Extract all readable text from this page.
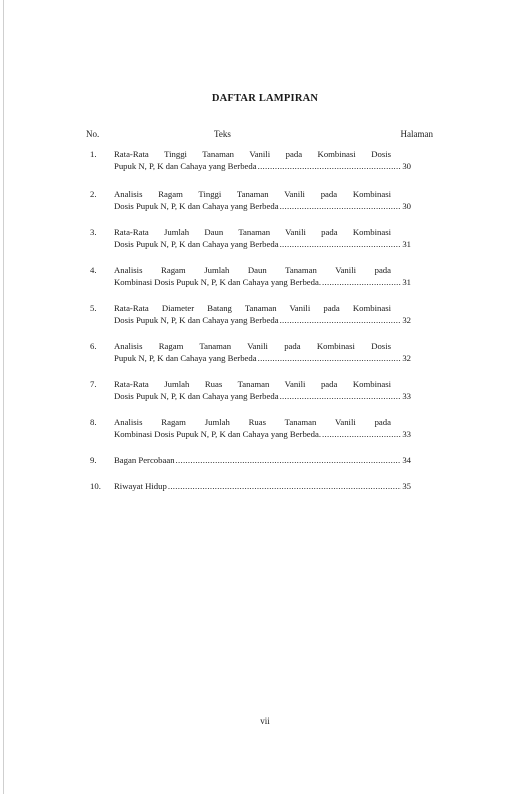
DAFTAR LAMPIRAN
No.	Teks	Halaman
1. Rata-Rata Tinggi Tanaman Vanili pada Kombinasi Dosis
Pupuk N, P, K dan Cahaya yang Berbeda .....	30
2. Analisis Ragam Tinggi Tanaman Vanili pada Kombinasi
Dosis Pupuk N, P, K dan Cahaya yang Berbeda .....	30
3. Rata-Rata Jumlah Daun Tanaman Vanili pada Kombinasi
Dosis Pupuk N, P, K dan Cahaya yang Berbeda .....	31
4. Analisis Ragam Jumlah Daun Tanaman Vanili pada
Kombinasi Dosis Pupuk N, P, K dan Cahaya yang Berbeda. .....	31
5. Rata-Rata Diameter Batang Tanaman Vanili pada Kombinasi
Dosis Pupuk N, P, K dan Cahaya yang Berbeda .....	32
6. Analisis Ragam Tanaman Vanili pada Kombinasi Dosis
Pupuk N, P, K dan Cahaya yang Berbeda .....	32
7. Rata-Rata Jumlah Ruas Tanaman Vanili pada Kombinasi
Dosis Pupuk N, P, K dan Cahaya yang Berbeda .....	33
8. Analisis Ragam Jumlah Ruas Tanaman Vanili pada
Kombinasi Dosis Pupuk N, P, K dan Cahaya yang Berbeda. .....	33
9. Bagan Percobaan .....	34
10. Riwayat Hidup .....	35
vii
